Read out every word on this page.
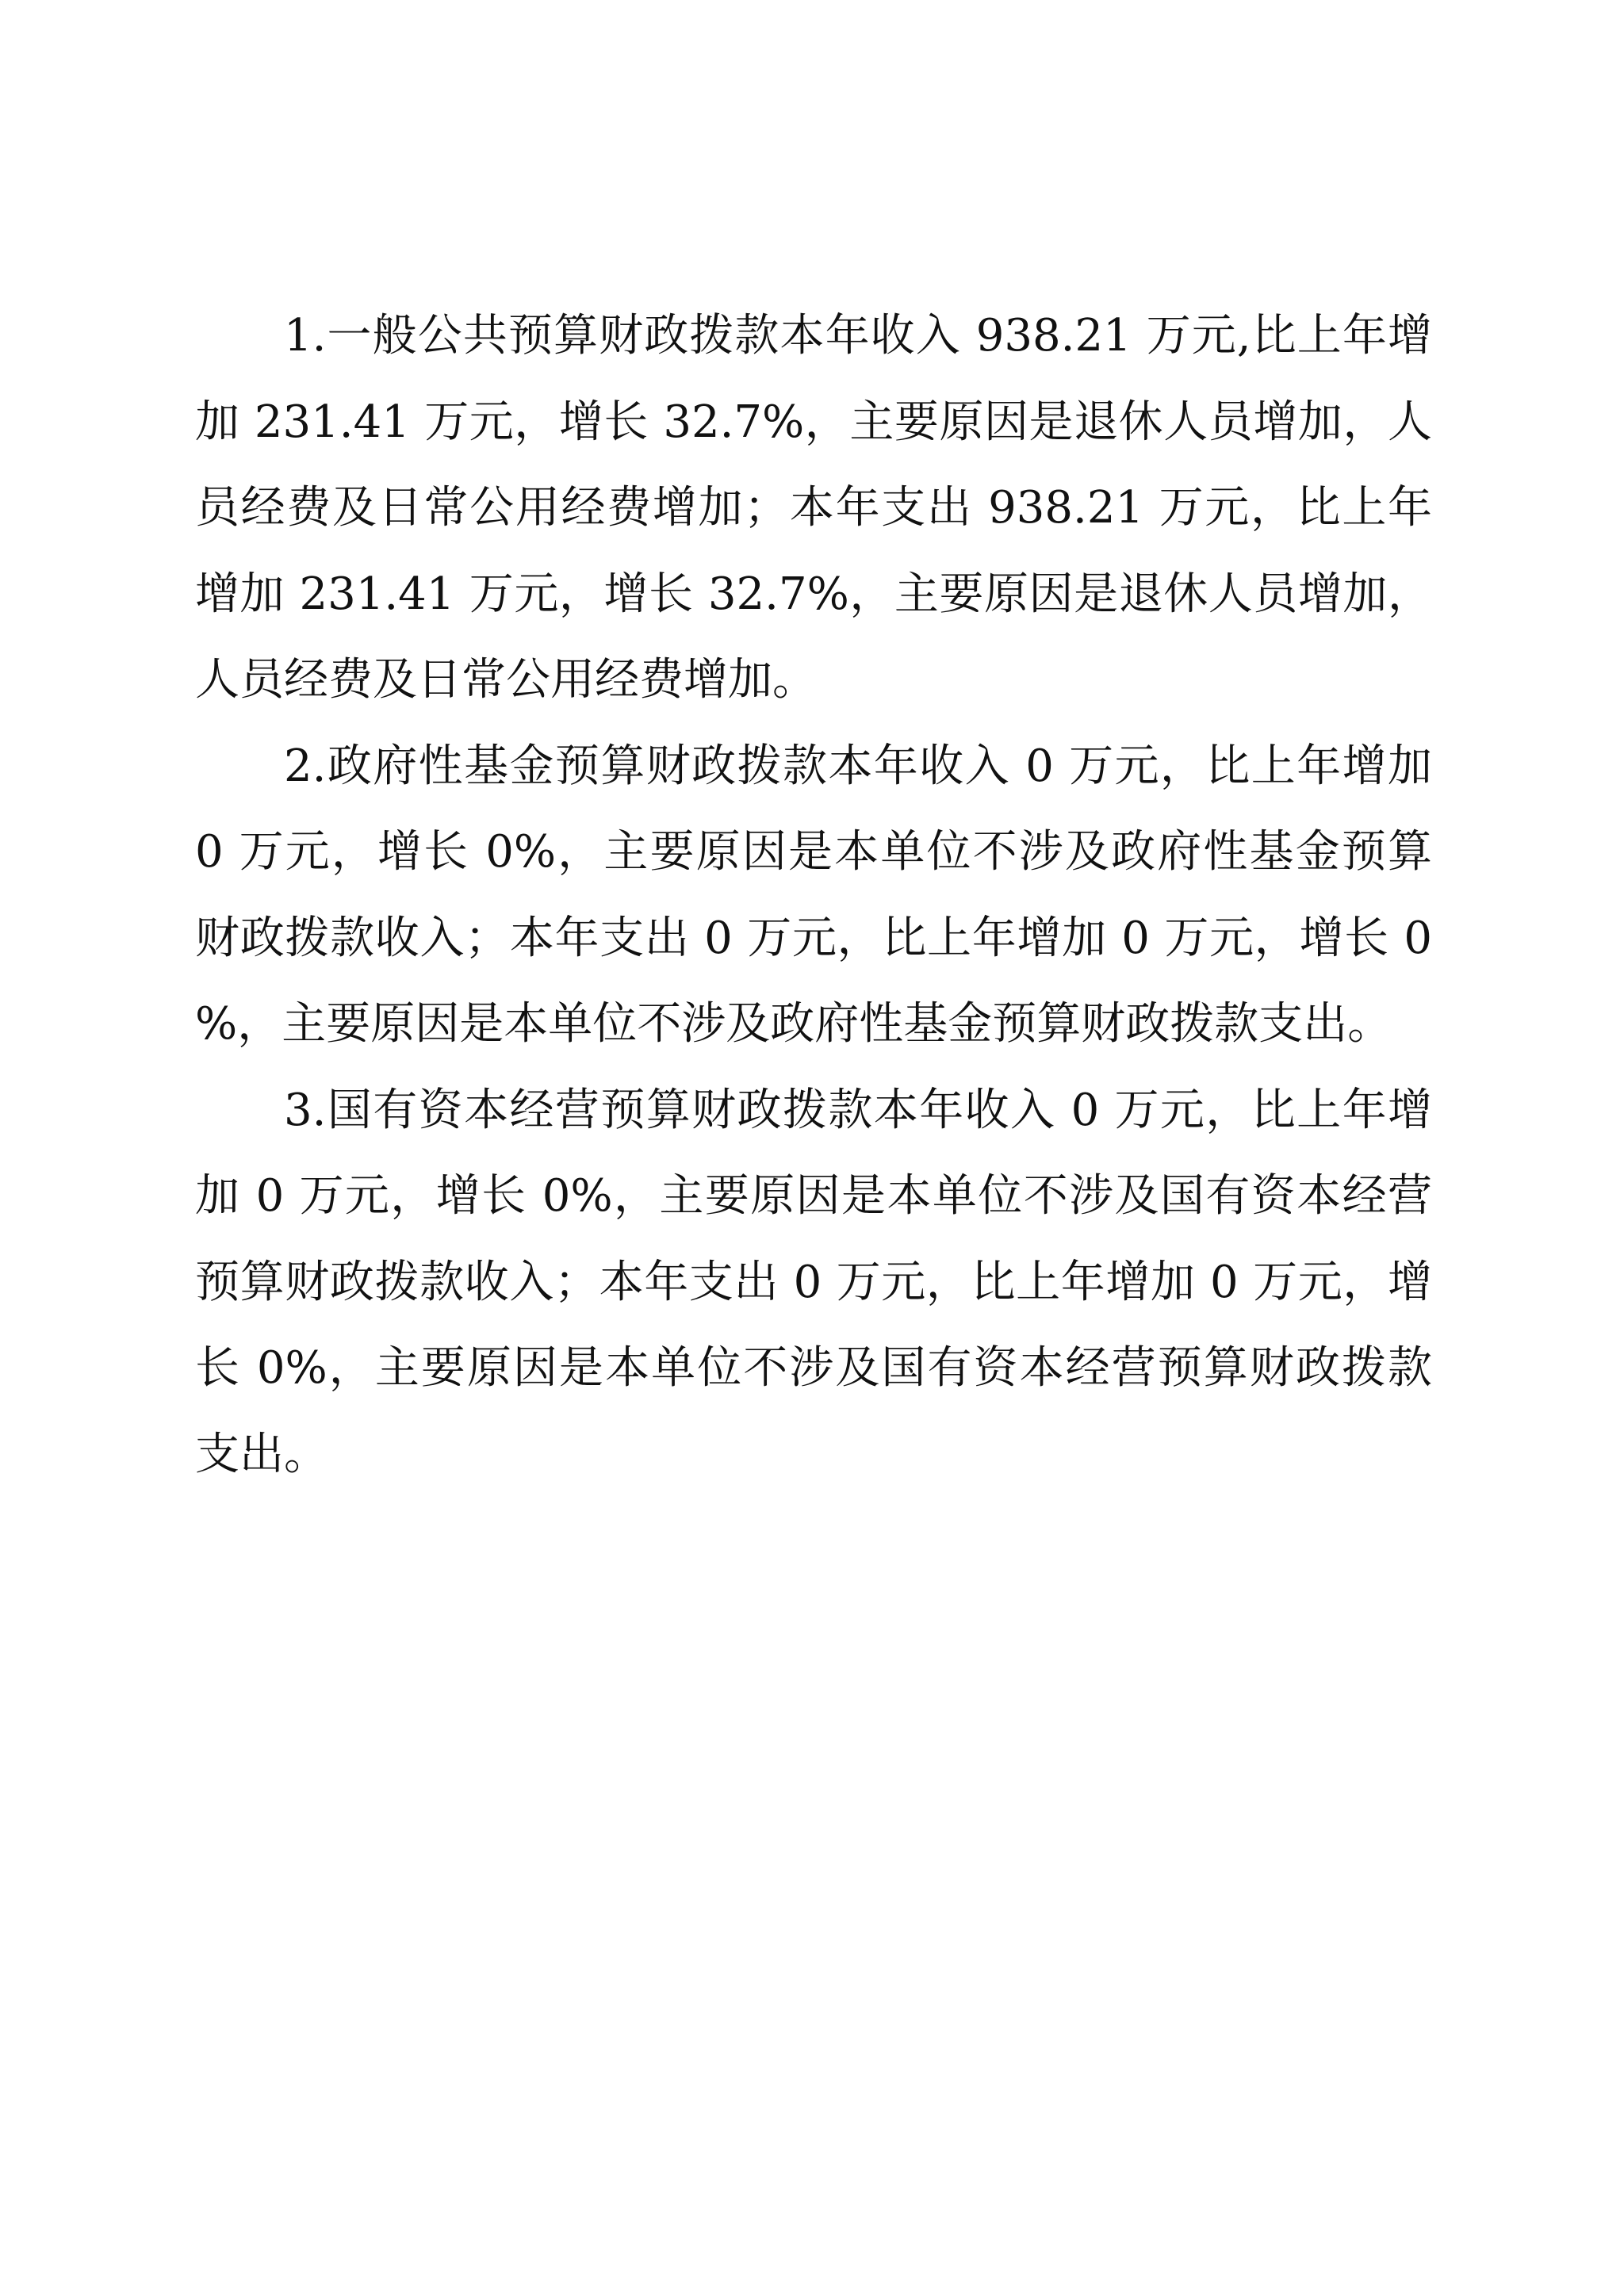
1.一般公共预算财政拨款本年收入 938.21 万元,比上年增加 231.41 万元，增长 32.7%，主要原因是退休人员增加，人员经费及日常公用经费增加；本年支出 938.21 万元，比上年增加 231.41 万元，增长 32.7%，主要原因是退休人员增加，人员经费及日常公用经费增加。

2.政府性基金预算财政拨款本年收入 0 万元，比上年增加 0 万元，增长 0%，主要原因是本单位不涉及政府性基金预算财政拨款收入；本年支出 0 万元，比上年增加 0 万元，增长 0%，主要原因是本单位不涉及政府性基金预算财政拨款支出。

3.国有资本经营预算财政拨款本年收入 0 万元，比上年增加 0 万元，增长 0%，主要原因是本单位不涉及国有资本经营预算财政拨款收入；本年支出 0 万元，比上年增加 0 万元，增长 0%，主要原因是本单位不涉及国有资本经营预算财政拨款支出。
